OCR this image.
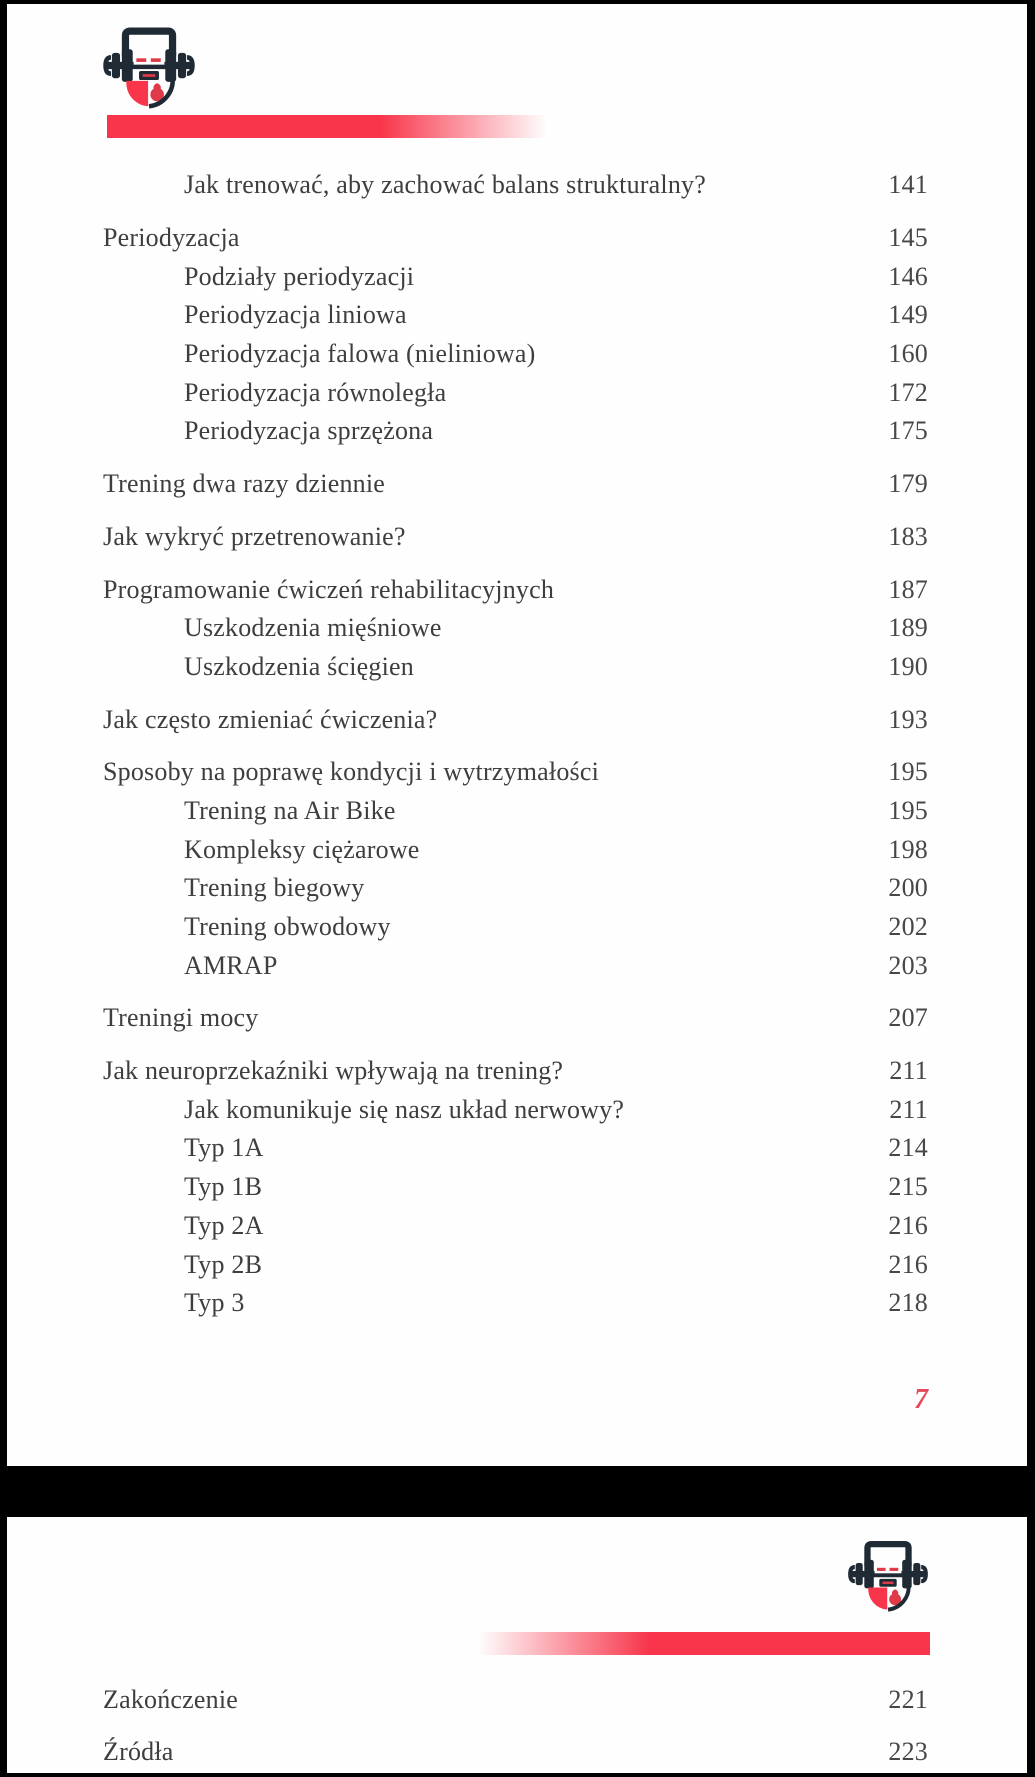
Jak trenować, aby zachować balans strukturalny?	141
Periodyzacja	145
Podziały periodyzacji	146
Periodyzacja liniowa	149
Periodyzacja falowa (nieliniowa)	160
Periodyzacja równoległa	172
Periodyzacja sprzężona	175
Trening dwa razy dziennie	179
Jak wykryć przetrenowanie?	183
Programowanie ćwiczeń rehabilitacyjnych	187
Uszkodzenia mięśniowe	189
Uszkodzenia ścięgien	190
Jak często zmieniać ćwiczenia?	193
Sposoby na poprawę kondycji i wytrzymałości	195
Trening na Air Bike	195
Kompleksy ciężarowe	198
Trening biegowy	200
Trening obwodowy	202
AMRAP	203
Treningi mocy	207
Jak neuroprzekaźniki wpływają na trening?	211
Jak komunikuje się nasz układ nerwowy?	211
Typ 1A	214
Typ 1B	215
Typ 2A	216
Typ 2B	216
Typ 3	218
7
Zakończenie	221
Źródła	223
